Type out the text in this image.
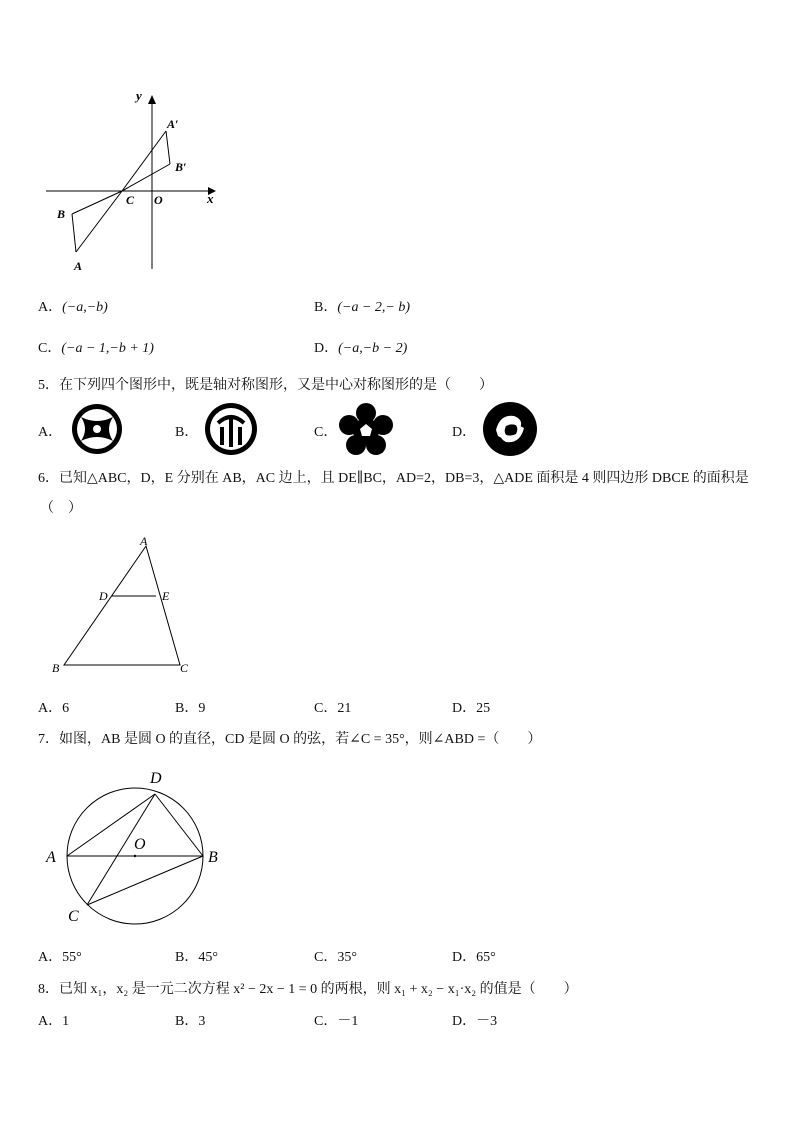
y
x
A′
B′
C O
B
A
A．(−a,−b)	B．(−a − 2,− b)
C．(−a − 1,−b + 1)	D．(−a,−b − 2)
5．在下列四个图形中，既是轴对称图形，又是中心对称图形的是（　　）
A．	B．	C．	D．
6．已知△ABC，D，E 分别在 AB，AC 边上，且 DE∥BC，AD=2，DB=3，△ADE 面积是 4 则四边形 DBCE 的面积是
（　）
A
D	E
B	C
A．6	B．9	C．21	D．25
7．如图，AB 是圆 O 的直径，CD 是圆 O 的弦，若∠C = 35°，则∠ABD =（　　）
D
A
O
B
C
A．55°	B．45°	C．35°	D．65°
8．已知 x₁，x₂ 是一元二次方程 x² − 2x − 1 = 0 的两根，则 x₁ + x₂ − x₁·x₂ 的值是（　　）
A．1	B．3	C．－1	D．－3
